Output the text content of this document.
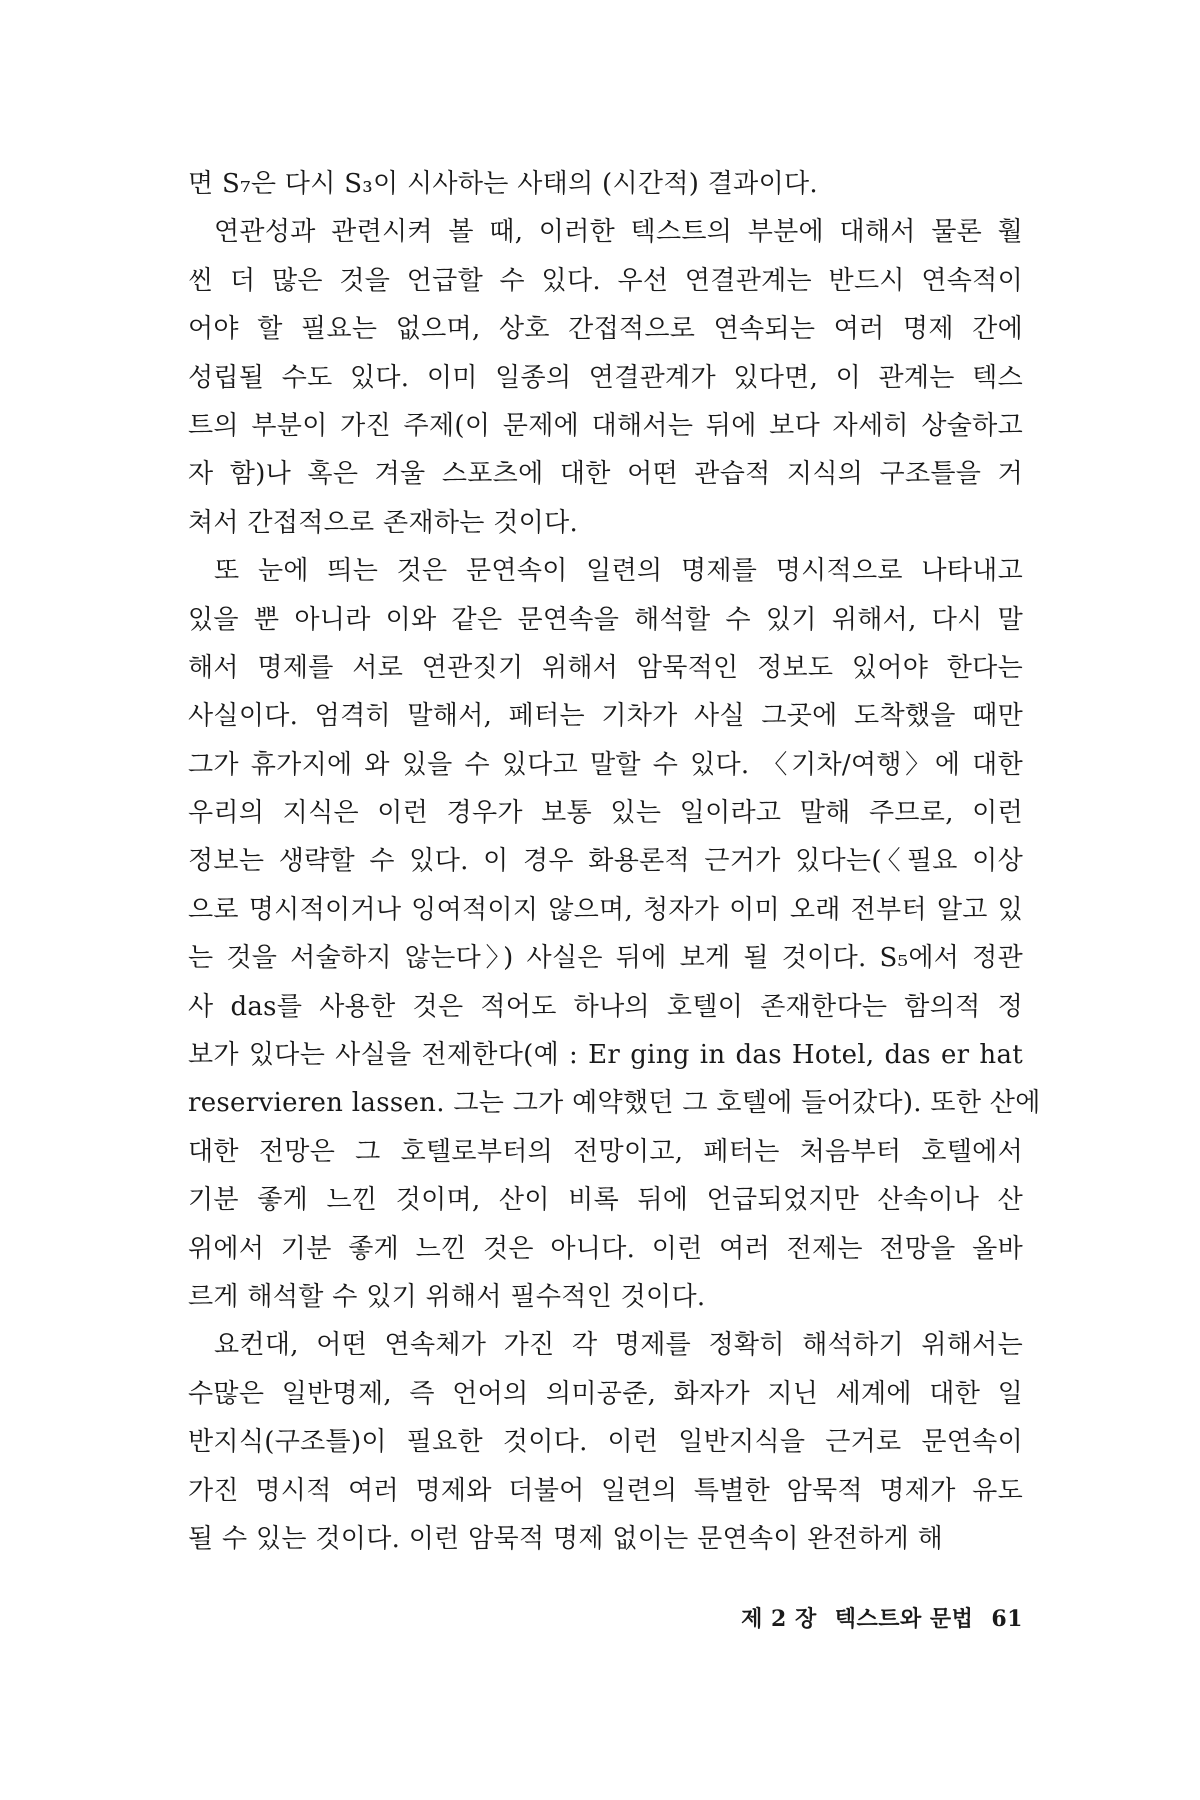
면 S₇은 다시 S₃이 시사하는 사태의 (시간적) 결과이다.
연관성과 관련시켜 볼 때, 이러한 텍스트의 부분에 대해서 물론 훨
씬 더 많은 것을 언급할 수 있다. 우선 연결관계는 반드시 연속적이
어야 할 필요는 없으며, 상호 간접적으로 연속되는 여러 명제 간에
성립될 수도 있다. 이미 일종의 연결관계가 있다면, 이 관계는 텍스
트의 부분이 가진 주제(이 문제에 대해서는 뒤에 보다 자세히 상술하고
자 함)나 혹은 겨울 스포츠에 대한 어떤 관습적 지식의 구조틀을 거
쳐서 간접적으로 존재하는 것이다.
또 눈에 띄는 것은 문연속이 일련의 명제를 명시적으로 나타내고
있을 뿐 아니라 이와 같은 문연속을 해석할 수 있기 위해서, 다시 말
해서 명제를 서로 연관짓기 위해서 암묵적인 정보도 있어야 한다는
사실이다. 엄격히 말해서, 페터는 기차가 사실 그곳에 도착했을 때만
그가 휴가지에 와 있을 수 있다고 말할 수 있다. 〈기차/여행〉에 대한
우리의 지식은 이런 경우가 보통 있는 일이라고 말해 주므로, 이런
정보는 생략할 수 있다. 이 경우 화용론적 근거가 있다는(〈필요 이상
으로 명시적이거나 잉여적이지 않으며, 청자가 이미 오래 전부터 알고 있
는 것을 서술하지 않는다〉) 사실은 뒤에 보게 될 것이다. S₅에서 정관
사 das를 사용한 것은 적어도 하나의 호텔이 존재한다는 함의적 정
보가 있다는 사실을 전제한다(예 : Er ging in das Hotel, das er hat
reservieren lassen. 그는 그가 예약했던 그 호텔에 들어갔다). 또한 산에
대한 전망은 그 호텔로부터의 전망이고, 페터는 처음부터 호텔에서
기분 좋게 느낀 것이며, 산이 비록 뒤에 언급되었지만 산속이나 산
위에서 기분 좋게 느낀 것은 아니다. 이런 여러 전제는 전망을 올바
르게 해석할 수 있기 위해서 필수적인 것이다.
요컨대, 어떤 연속체가 가진 각 명제를 정확히 해석하기 위해서는
수많은 일반명제, 즉 언어의 의미공준, 화자가 지닌 세계에 대한 일
반지식(구조틀)이 필요한 것이다. 이런 일반지식을 근거로 문연속이
가진 명시적 여러 명제와 더불어 일련의 특별한 암묵적 명제가 유도
될 수 있는 것이다. 이런 암묵적 명제 없이는 문연속이 완전하게 해
제 2 장 텍스트와 문법 61
